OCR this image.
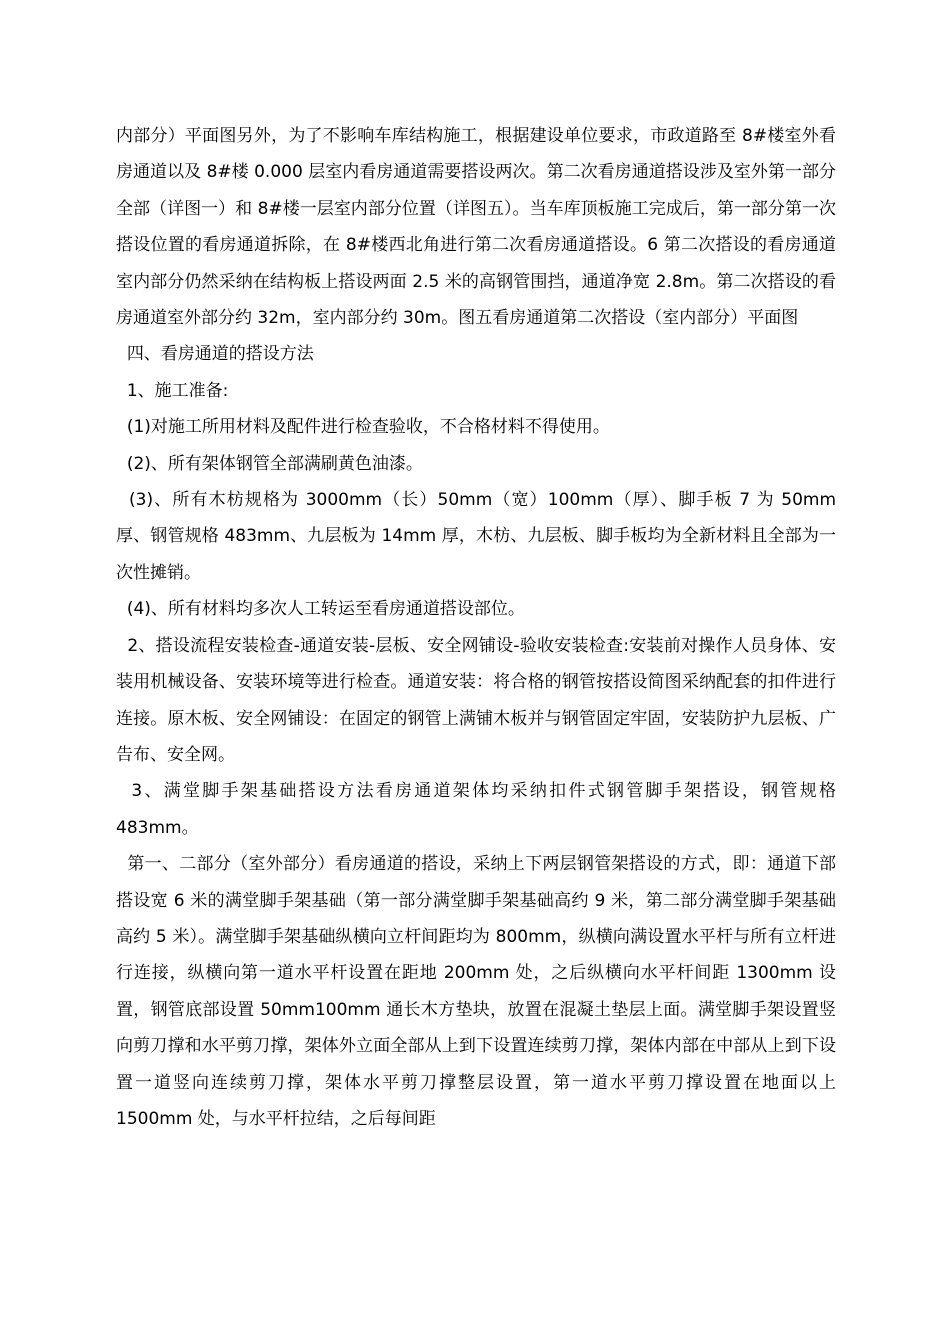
内部分）平面图另外，为了不影响车库结构施工，根据建设单位要求，市政道路至 8#楼室外看房通道以及 8#楼 0.000 层室内看房通道需要搭设两次。第二次看房通道搭设涉及室外第一部分全部（详图一）和 8#楼一层室内部分位置（详图五）。当车库顶板施工完成后，第一部分第一次搭设位置的看房通道拆除，在 8#楼西北角进行第二次看房通道搭设。6 第二次搭设的看房通道室内部分仍然采纳在结构板上搭设两面 2.5 米的高钢管围挡，通道净宽 2.8m。第二次搭设的看房通道室外部分约 32m，室内部分约 30m。图五看房通道第二次搭设（室内部分）平面图

四、看房通道的搭设方法

1、施工准备:

(1)对施工所用材料及配件进行检查验收，不合格材料不得使用。

(2)、所有架体钢管全部满刷黄色油漆。

(3)、所有木枋规格为 3000mm（长）50mm（宽）100mm（厚）、脚手板 7 为 50mm 厚、钢管规格 483mm、九层板为 14mm 厚，木枋、九层板、脚手板均为全新材料且全部为一次性摊销。

(4)、所有材料均多次人工转运至看房通道搭设部位。

2、搭设流程安装检查-通道安装-层板、安全网铺设-验收安装检查:安装前对操作人员身体、安装用机械设备、安装环境等进行检查。通道安装：将合格的钢管按搭设简图采纳配套的扣件进行连接。原木板、安全网铺设：在固定的钢管上满铺木板并与钢管固定牢固，安装防护九层板、广告布、安全网。

3、满堂脚手架基础搭设方法看房通道架体均采纳扣件式钢管脚手架搭设，钢管规格 483mm。

第一、二部分（室外部分）看房通道的搭设，采纳上下两层钢管架搭设的方式，即：通道下部搭设宽 6 米的满堂脚手架基础（第一部分满堂脚手架基础高约 9 米，第二部分满堂脚手架基础高约 5 米）。满堂脚手架基础纵横向立杆间距均为 800mm，纵横向满设置水平杆与所有立杆进行连接，纵横向第一道水平杆设置在距地 200mm 处，之后纵横向水平杆间距 1300mm 设置，钢管底部设置 50mm100mm 通长木方垫块，放置在混凝土垫层上面。满堂脚手架设置竖向剪刀撑和水平剪刀撑，架体外立面全部从上到下设置连续剪刀撑，架体内部在中部从上到下设置一道竖向连续剪刀撑，架体水平剪刀撑整层设置，第一道水平剪刀撑设置在地面以上 1500mm 处，与水平杆拉结，之后每间距
